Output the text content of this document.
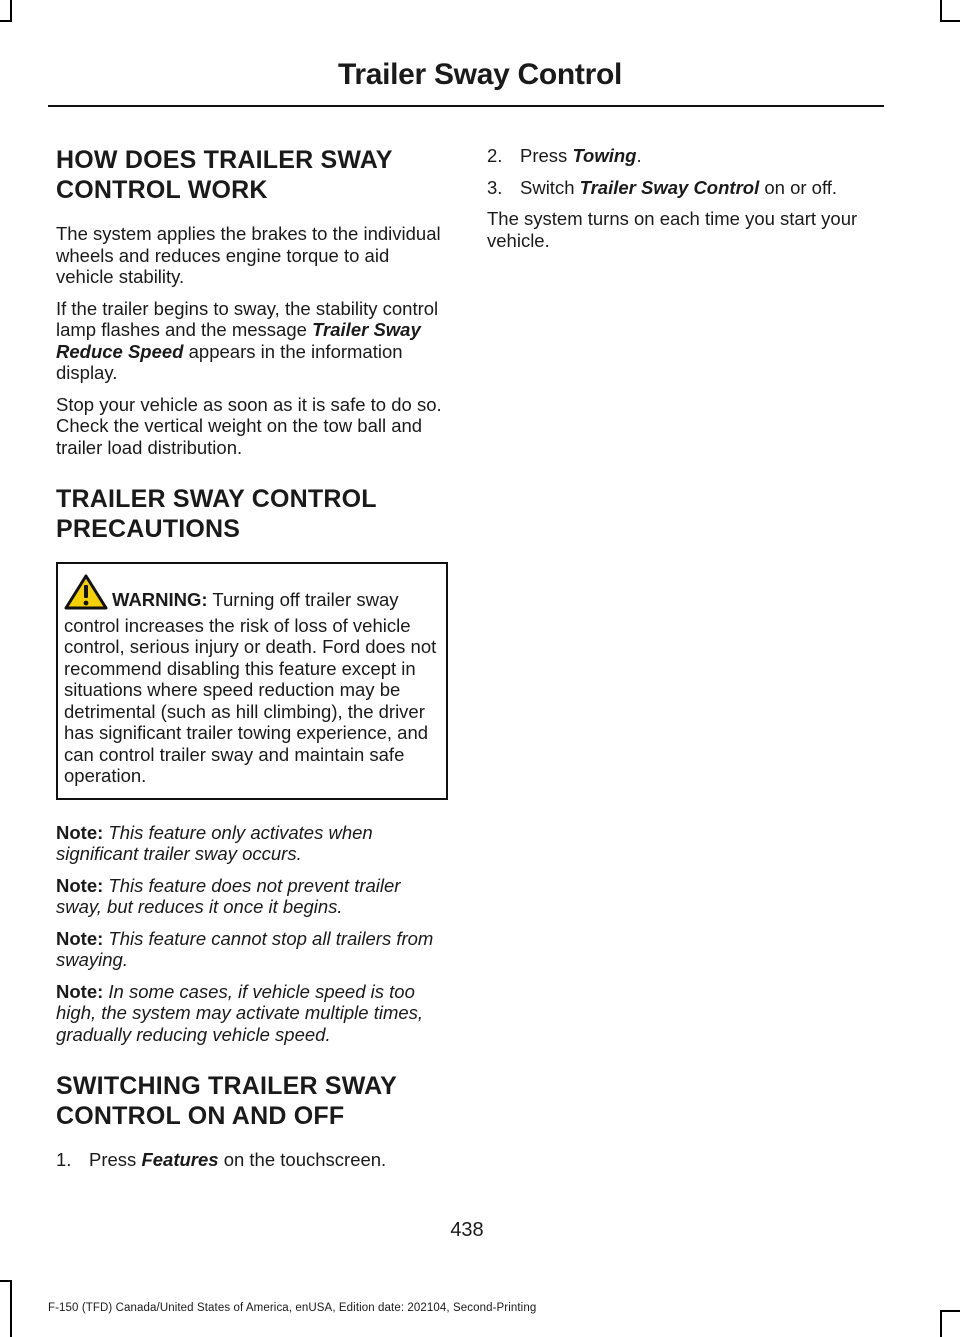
Trailer Sway Control
HOW DOES TRAILER SWAY
CONTROL WORK

The system applies the brakes to the individual wheels and reduces engine torque to aid vehicle stability.

If the trailer begins to sway, the stability control lamp flashes and the message Trailer Sway Reduce Speed appears in the information display.

Stop your vehicle as soon as it is safe to do so. Check the vertical weight on the tow ball and trailer load distribution.

TRAILER SWAY CONTROL
PRECAUTIONS
WARNING: Turning off trailer sway control increases the risk of loss of vehicle control, serious injury or death. Ford does not recommend disabling this feature except in situations where speed reduction may be detrimental (such as hill climbing), the driver has significant trailer towing experience, and can control trailer sway and maintain safe operation.

Note: This feature only activates when significant trailer sway occurs.

Note: This feature does not prevent trailer sway, but reduces it once it begins.

Note: This feature cannot stop all trailers from swaying.

Note: In some cases, if vehicle speed is too high, the system may activate multiple times, gradually reducing vehicle speed.

SWITCHING TRAILER SWAY
CONTROL ON AND OFF
1. Press Features on the touchscreen.
2. Press Towing.
3. Switch Trailer Sway Control on or off.

The system turns on each time you start your vehicle.

438
F-150 (TFD) Canada/United States of America, enUSA, Edition date: 202104, Second-Printing
